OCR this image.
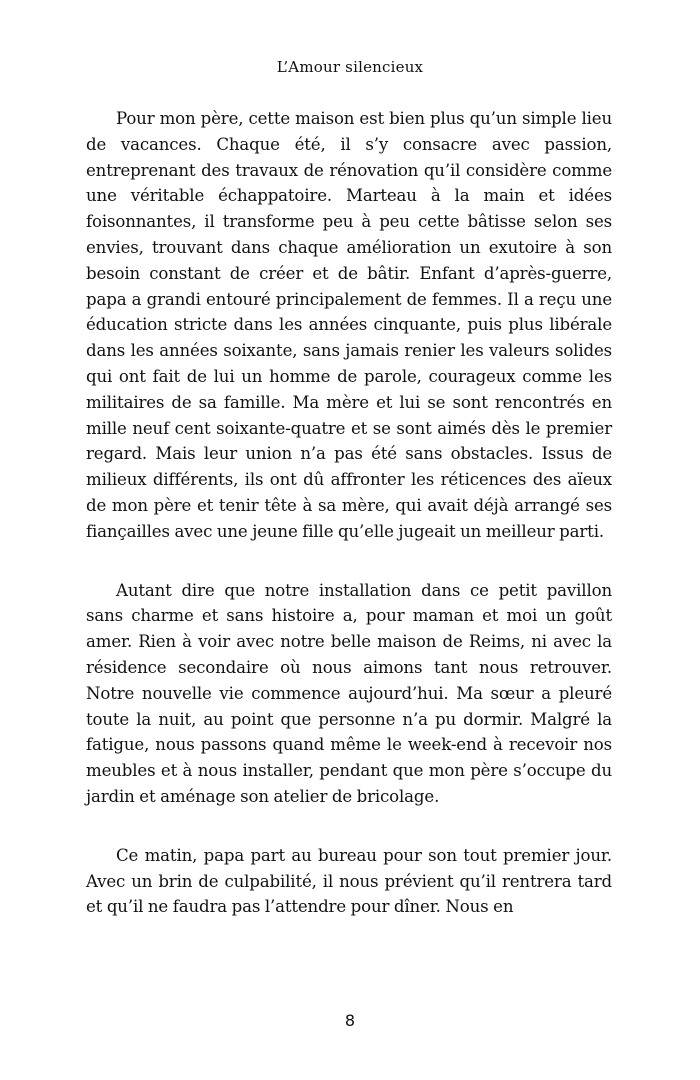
L’Amour silencieux

Pour mon père, cette maison est bien plus qu’un simple lieu de vacances. Chaque été, il s’y consacre avec passion, entreprenant des travaux de rénovation qu’il considère comme une véritable échappatoire. Marteau à la main et idées foisonnantes, il transforme peu à peu cette bâtisse selon ses envies, trouvant dans chaque amélioration un exutoire à son besoin constant de créer et de bâtir. Enfant d’après-guerre, papa a grandi entouré principalement de femmes. Il a reçu une éducation stricte dans les années cinquante, puis plus libérale dans les années soixante, sans jamais renier les valeurs solides qui ont fait de lui un homme de parole, courageux comme les militaires de sa famille. Ma mère et lui se sont rencontrés en mille neuf cent soixante-quatre et se sont aimés dès le premier regard. Mais leur union n’a pas été sans obstacles. Issus de milieux différents, ils ont dû affronter les réticences des aïeux de mon père et tenir tête à sa mère, qui avait déjà arrangé ses fiançailles avec une jeune fille qu’elle jugeait un meilleur parti.

Autant dire que notre installation dans ce petit pavillon sans charme et sans histoire a, pour maman et moi un goût amer. Rien à voir avec notre belle maison de Reims, ni avec la résidence secondaire où nous aimons tant nous retrouver. Notre nouvelle vie commence aujourd’hui. Ma sœur a pleuré toute la nuit, au point que personne n’a pu dormir. Malgré la fatigue, nous passons quand même le week-end à recevoir nos meubles et à nous installer, pendant que mon père s’occupe du jardin et aménage son atelier de bricolage.

Ce matin, papa part au bureau pour son tout premier jour. Avec un brin de culpabilité, il nous prévient qu’il rentrera tard et qu’il ne faudra pas l’attendre pour dîner. Nous en

8
